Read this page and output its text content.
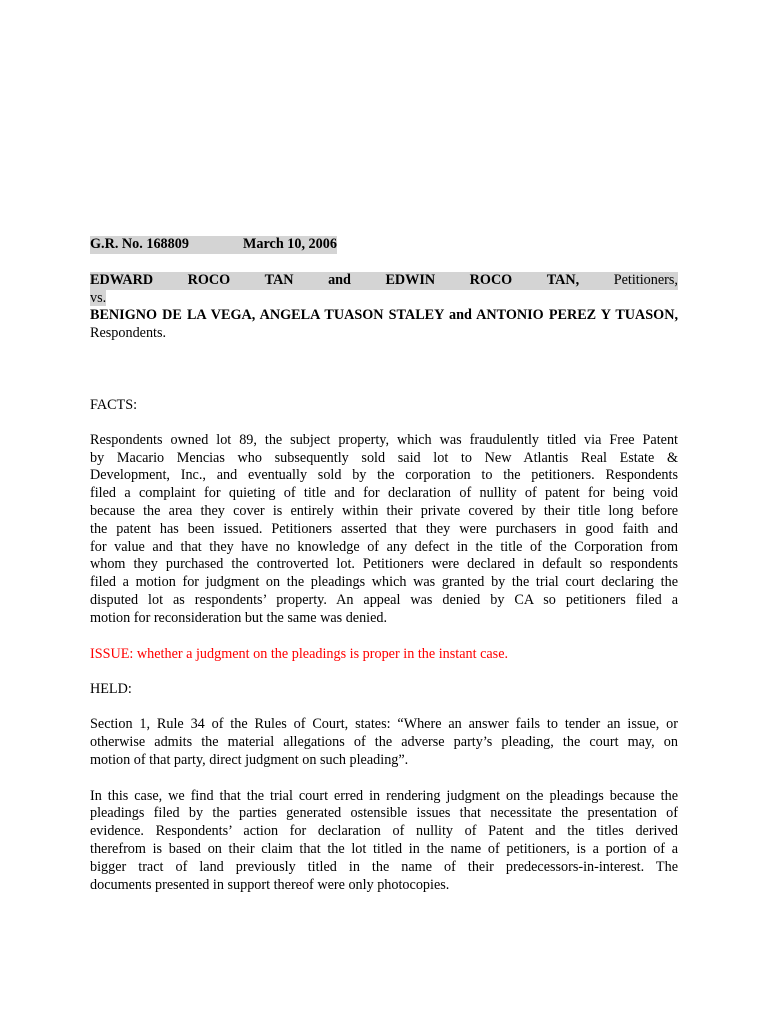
G.R. No. 168809	March 10, 2006
EDWARD ROCO TAN and EDWIN ROCO TAN, Petitioners,
vs.

BENIGNO DE LA VEGA, ANGELA TUASON STALEY and ANTONIO PEREZ Y TUASON, Respondents.

FACTS:

Respondents owned lot 89, the subject property, which was fraudulently titled via Free Patent

by Macario Mencias who subsequently sold said lot to New Atlantis Real Estate &

Development, Inc., and eventually sold by the corporation to the petitioners. Respondents

filed a complaint for quieting of title and for declaration of nullity of patent for being void

because the area they cover is entirely within their private covered by their title long before

the patent has been issued. Petitioners asserted that they were purchasers in good faith and

for value and that they have no knowledge of any defect in the title of the Corporation from

whom they purchased the controverted lot. Petitioners were declared in default so respondents

filed a motion for judgment on the pleadings which was granted by the trial court declaring the

disputed lot as respondents’ property. An appeal was denied by CA so petitioners filed a

motion for reconsideration but the same was denied.

ISSUE: whether a judgment on the pleadings is proper in the instant case.

HELD:

Section 1, Rule 34 of the Rules of Court, states: “Where an answer fails to tender an issue, or

otherwise admits the material allegations of the adverse party’s pleading, the court may, on

motion of that party, direct judgment on such pleading”.

In this case, we find that the trial court erred in rendering judgment on the pleadings because the

pleadings filed by the parties generated ostensible issues that necessitate the presentation of

evidence. Respondents’ action for declaration of nullity of Patent and the titles derived

therefrom is based on their claim that the lot titled in the name of petitioners, is a portion of a

bigger tract of land previously titled in the name of their predecessors-in-interest. The

documents presented in support thereof were only photocopies.
